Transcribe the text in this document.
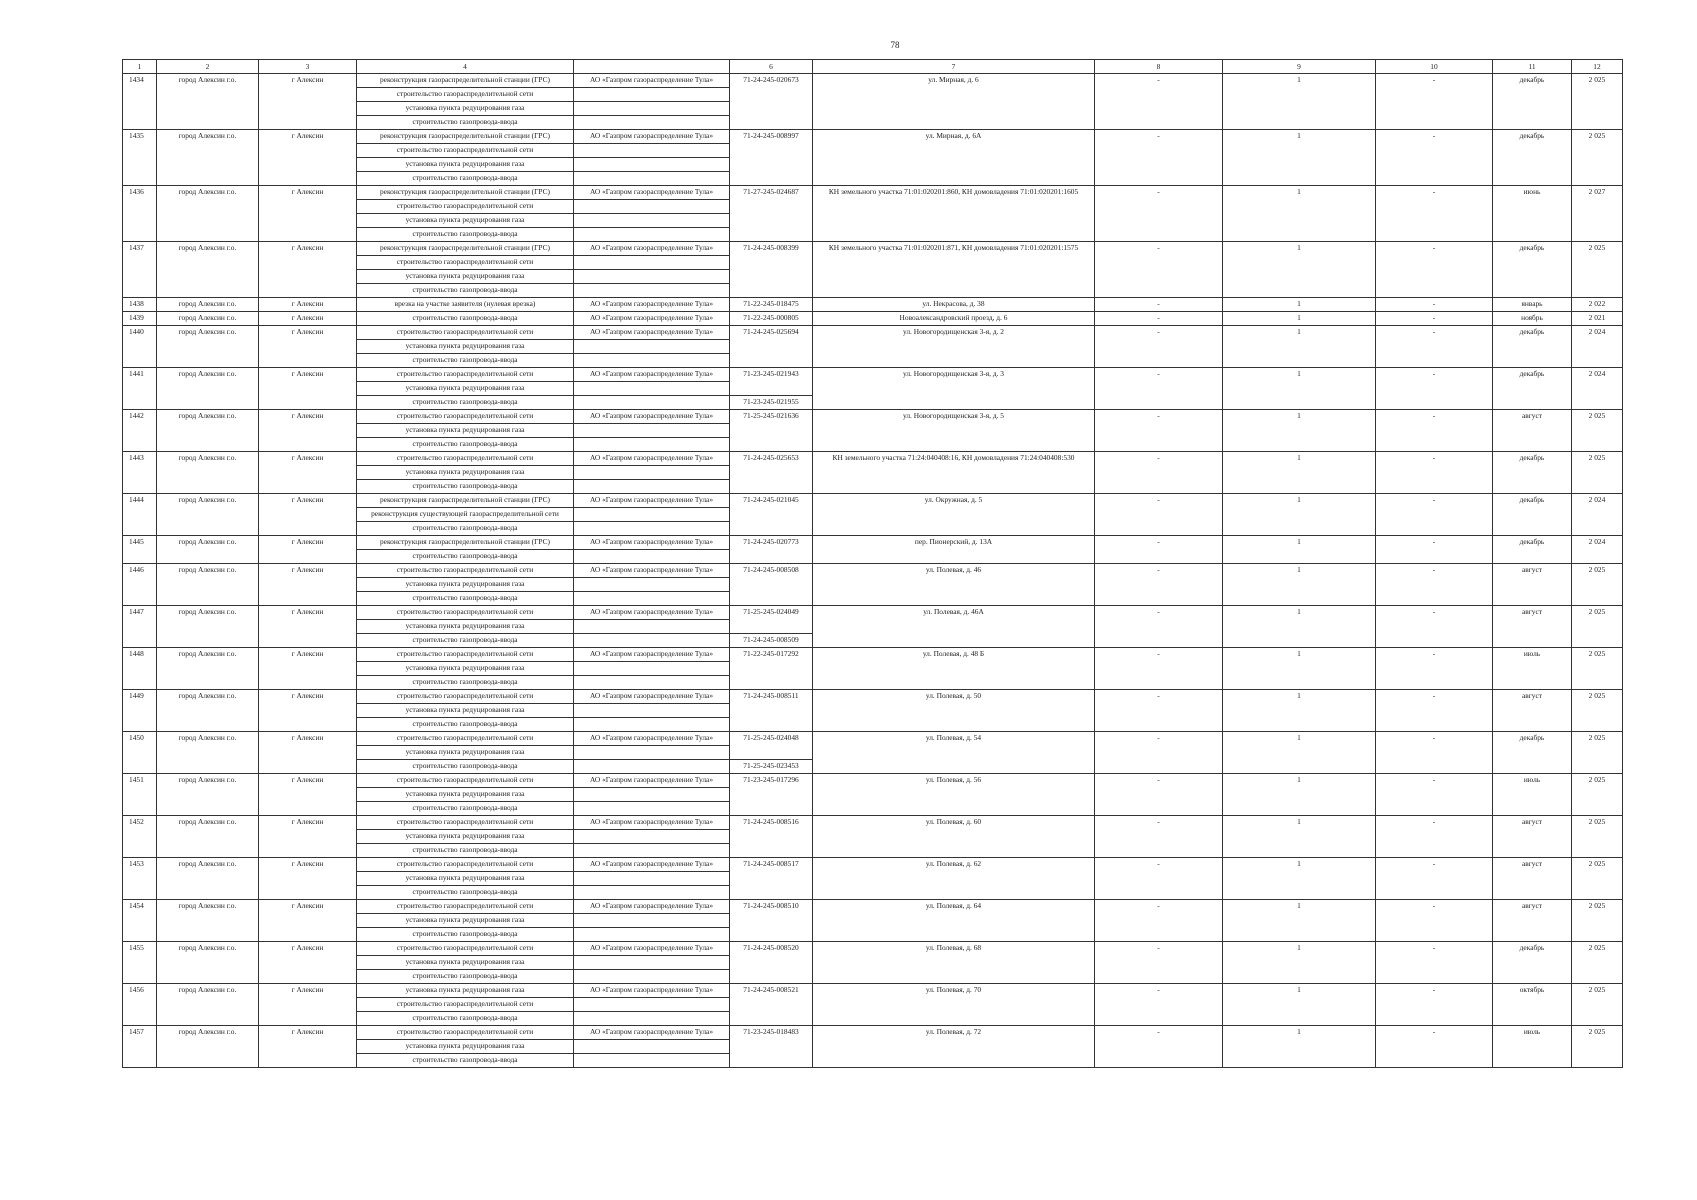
78
1	2	3	4		6	7	8	9	10	11	12
1434	город Алексин г.о.	г Алексин	реконструкция газораспределительной станции (ГРС)	АО «Газпром газораспределение Тула»	71-24-245-020673	ул. Мирная, д. 6	-	1	-	декабрь	2 025
			строительство газораспределительной сети								
			установка пункта редуцирования газа								
			строительство газопровода-ввода								
1435	город Алексин г.о.	г Алексин	реконструкция газораспределительной станции (ГРС)	АО «Газпром газораспределение Тула»	71-24-245-008997	ул. Мирная, д. 6А	-	1	-	декабрь	2 025
			строительство газораспределительной сети								
			установка пункта редуцирования газа								
			строительство газопровода-ввода								
1436	город Алексин г.о.	г Алексин	реконструкция газораспределительной станции (ГРС)	АО «Газпром газораспределение Тула»	71-27-245-024687	КН земельного участка 71:01:020201:860, КН домовладения 71:01:020201:1605	-	1	-	июнь	2 027
			строительство газораспределительной сети								
			установка пункта редуцирования газа								
			строительство газопровода-ввода								
1437	город Алексин г.о.	г Алексин	реконструкция газораспределительной станции (ГРС)	АО «Газпром газораспределение Тула»	71-24-245-008399	КН земельного участка 71:01:020201:871, КН домовладения 71:01:020201:1575	-	1	-	декабрь	2 025
			строительство газораспределительной сети								
			установка пункта редуцирования газа								
			строительство газопровода-ввода								
1438	город Алексин г.о.	г Алексин	врезка на участке заявителя (нулевая врезка)	АО «Газпром газораспределение Тула»	71-22-245-018475	ул. Некрасова, д. 38	-	1	-	январь	2 022
1439	город Алексин г.о.	г Алексин	строительство газопровода-ввода	АО «Газпром газораспределение Тула»	71-22-245-000805	Новоалександровский проезд, д. 6	-	1	-	ноябрь	2 021
1440	город Алексин г.о.	г Алексин	строительство газораспределительной сети	АО «Газпром газораспределение Тула»	71-24-245-025694	ул. Новогородищенская 3-я, д. 2	-	1	-	декабрь	2 024
			установка пункта редуцирования газа								
			строительство газопровода-ввода								
1441	город Алексин г.о.	г Алексин	строительство газораспределительной сети	АО «Газпром газораспределение Тула»	71-23-245-021943	ул. Новогородищенская 3-я, д. 3	-	1	-	декабрь	2 024
			установка пункта редуцирования газа								
			строительство газопровода-ввода		71-23-245-021955						
1442	город Алексин г.о.	г Алексин	строительство газораспределительной сети	АО «Газпром газораспределение Тула»	71-25-245-021636	ул. Новогородищенская 3-я, д. 5	-	1	-	август	2 025
			установка пункта редуцирования газа								
			строительство газопровода-ввода								
1443	город Алексин г.о.	г Алексин	строительство газораспределительной сети	АО «Газпром газораспределение Тула»	71-24-245-025653	КН земельного участка 71:24:040408:16, КН домовладения 71:24:040408:530	-	1	-	декабрь	2 025
			установка пункта редуцирования газа								
			строительство газопровода-ввода								
1444	город Алексин г.о.	г Алексин	реконструкция газораспределительной станции (ГРС)	АО «Газпром газораспределение Тула»	71-24-245-021045	ул. Окружная, д. 5	-	1	-	декабрь	2 024
			реконструкция существующей газораспределительной сети								
			строительство газопровода-ввода								
1445	город Алексин г.о.	г Алексин	реконструкция газораспределительной станции (ГРС)	АО «Газпром газораспределение Тула»	71-24-245-020773	пер. Пионерский, д. 13А	-	1	-	декабрь	2 024
			строительство газопровода-ввода								
1446	город Алексин г.о.	г Алексин	строительство газораспределительной сети	АО «Газпром газораспределение Тула»	71-24-245-008508	ул. Полевая, д. 46	-	1	-	август	2 025
			установка пункта редуцирования газа								
			строительство газопровода-ввода								
1447	город Алексин г.о.	г Алексин	строительство газораспределительной сети	АО «Газпром газораспределение Тула»	71-25-245-024049	ул. Полевая, д. 46А	-	1	-	август	2 025
			установка пункта редуцирования газа								
			строительство газопровода-ввода		71-24-245-008509						
1448	город Алексин г.о.	г Алексин	строительство газораспределительной сети	АО «Газпром газораспределение Тула»	71-22-245-017292	ул. Полевая, д. 48 Б	-	1	-	июль	2 025
			установка пункта редуцирования газа								
			строительство газопровода-ввода								
1449	город Алексин г.о.	г Алексин	строительство газораспределительной сети	АО «Газпром газораспределение Тула»	71-24-245-008511	ул. Полевая, д. 50	-	1	-	август	2 025
			установка пункта редуцирования газа								
			строительство газопровода-ввода								
1450	город Алексин г.о.	г Алексин	строительство газораспределительной сети	АО «Газпром газораспределение Тула»	71-25-245-024048	ул. Полевая, д. 54	-	1	-	декабрь	2 025
			установка пункта редуцирования газа								
			строительство газопровода-ввода		71-25-245-023453						
1451	город Алексин г.о.	г Алексин	строительство газораспределительной сети	АО «Газпром газораспределение Тула»	71-23-245-017296	ул. Полевая, д. 56	-	1	-	июль	2 025
			установка пункта редуцирования газа								
			строительство газопровода-ввода								
1452	город Алексин г.о.	г Алексин	строительство газораспределительной сети	АО «Газпром газораспределение Тула»	71-24-245-008516	ул. Полевая, д. 60	-	1	-	август	2 025
			установка пункта редуцирования газа								
			строительство газопровода-ввода								
1453	город Алексин г.о.	г Алексин	строительство газораспределительной сети	АО «Газпром газораспределение Тула»	71-24-245-008517	ул. Полевая, д. 62	-	1	-	август	2 025
			установка пункта редуцирования газа								
			строительство газопровода-ввода								
1454	город Алексин г.о.	г Алексин	строительство газораспределительной сети	АО «Газпром газораспределение Тула»	71-24-245-008510	ул. Полевая, д. 64	-	1	-	август	2 025
			установка пункта редуцирования газа								
			строительство газопровода-ввода								
1455	город Алексин г.о.	г Алексин	строительство газораспределительной сети	АО «Газпром газораспределение Тула»	71-24-245-008520	ул. Полевая, д. 68	-	1	-	декабрь	2 025
			установка пункта редуцирования газа								
			строительство газопровода-ввода								
1456	город Алексин г.о.	г Алексин	установка пункта редуцирования газа	АО «Газпром газораспределение Тула»	71-24-245-008521	ул. Полевая, д. 70	-	1	-	октябрь	2 025
			строительство газораспределительной сети								
			строительство газопровода-ввода								
1457	город Алексин г.о.	г Алексин	строительство газораспределительной сети	АО «Газпром газораспределение Тула»	71-23-245-018483	ул. Полевая, д. 72	-	1	-	июль	2 025
			установка пункта редуцирования газа								
			строительство газопровода-ввода								
